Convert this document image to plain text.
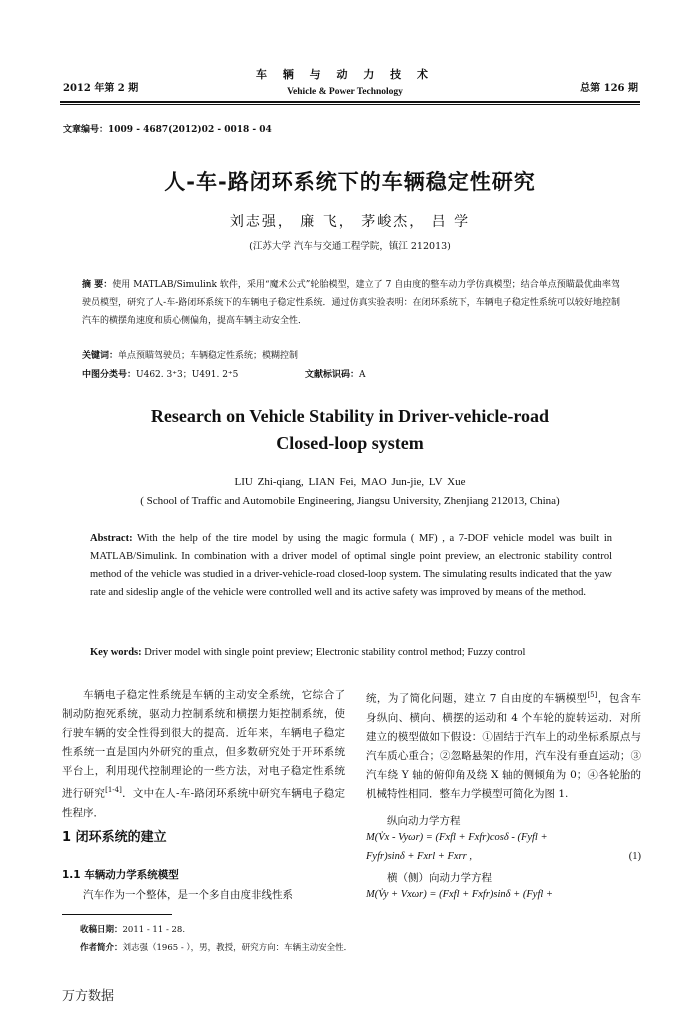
2012 年第 2 期
车 辆 与 动 力 技 术
Vehicle & Power Technology	总第 126 期
文章编号：1009 - 4687(2012)02 - 0018 - 04
人-车-路闭环系统下的车辆稳定性研究
刘志强， 廉 飞， 茅峻杰， 吕 学
(江苏大学 汽车与交通工程学院，镇江 212013)
摘 要：使用 MATLAB/Simulink 软件，采用“魔术公式”轮胎模型，建立了 7 自由度的整车动力学仿真模型；结合单点预瞄最优曲率驾驶员模型，研究了人-车-路闭环系统下的车辆电子稳定性系统．通过仿真实验表明：在闭环系统下，车辆电子稳定性系统可以较好地控制汽车的横摆角速度和质心侧偏角，提高车辆主动安全性．
关键词：单点预瞄驾驶员；车辆稳定性系统；模糊控制
中图分类号：U462. 3⁺3；U491. 2⁺5	文献标识码：A
Research on Vehicle Stability in Driver-vehicle-road
Closed-loop system
LIU Zhi-qiang, LIAN Fei, MAO Jun-jie, LV Xue
( School of Traffic and Automobile Engineering, Jiangsu University, Zhenjiang 212013, China)
Abstract: With the help of the tire model by using the magic formula ( MF) , a 7-DOF vehicle model was built in MATLAB/Simulink. In combination with a driver model of optimal single point preview, an electronic stability control method of the vehicle was studied in a driver-vehicle-road closed-loop system. The simulating results indicated that the yaw rate and sideslip angle of the vehicle were controlled well and its active safety was improved by means of the method.
Key words: Driver model with single point preview; Electronic stability control method; Fuzzy control
车辆电子稳定性系统是车辆的主动安全系统，它综合了制动防抱死系统，驱动力控制系统和横摆力矩控制系统，使行驶车辆的安全性得到很大的提高．近年来，车辆电子稳定性系统一直是国内外研究的重点，但多数研究处于开环系统平台上，利用现代控制理论的一些方法，对电子稳定性系统进行研究[1-4]．文中在人-车-路闭环系统中研究车辆电子稳定性程序．
1 闭环系统的建立
1.1 车辆动力学系统模型
汽车作为一个整体，是一个多自由度非线性系
统，为了简化问题，建立 7 自由度的车辆模型[5]，包含车身纵向、横向、横摆的运动和 4 个车轮的旋转运动．对所建立的模型做如下假设：①固结于汽车上的动坐标系原点与汽车质心重合；②忽略悬架的作用，汽车没有垂直运动；③汽车绕 Y 轴的俯仰角及绕 X 轴的侧倾角为 0；④各轮胎的机械特性相同．整车力学模型可简化为图 1.
纵向动力学方程
M(V̇x - Vyωr) = (Fxfl + Fxfr)cosδ - (Fyfl +
Fyfr)sinδ + Fxrl + Fxrr ,	(1)
横（侧）向动力学方程
M(V̇y + Vxωr) = (Fxfl + Fxfr)sinδ + (Fyfl +
收稿日期：2011 - 11 - 28.
作者简介：刘志强（1965 - ），男，教授，研究方向：车辆主动安全性．
万方数据
